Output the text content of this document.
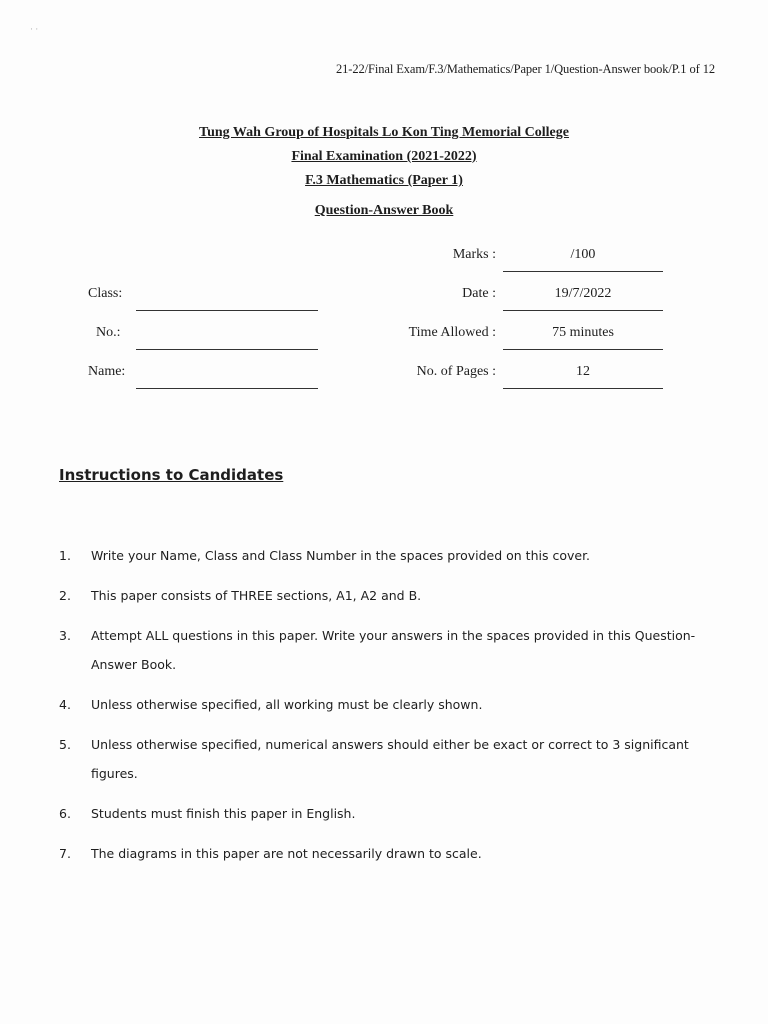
· ·
21-22/Final Exam/F.3/Mathematics/Paper 1/Question-Answer book/P.1 of 12
Tung Wah Group of Hospitals Lo Kon Ting Memorial College
Final Examination (2021-2022)
F.3 Mathematics (Paper 1)
Question-Answer Book
Class:
No.:
Name:
Marks :	/100
Date :	19/7/2022
Time Allowed :	75 minutes
No. of Pages :	12
Instructions to Candidates
1.	Write your Name, Class and Class Number in the spaces provided on this cover.
2.	This paper consists of THREE sections, A1, A2 and B.
3.	Attempt ALL questions in this paper. Write your answers in the spaces provided in this Question-Answer Book.
4.	Unless otherwise specified, all working must be clearly shown.
5.	Unless otherwise specified, numerical answers should either be exact or correct to 3 significant figures.
6.	Students must finish this paper in English.
7.	The diagrams in this paper are not necessarily drawn to scale.
